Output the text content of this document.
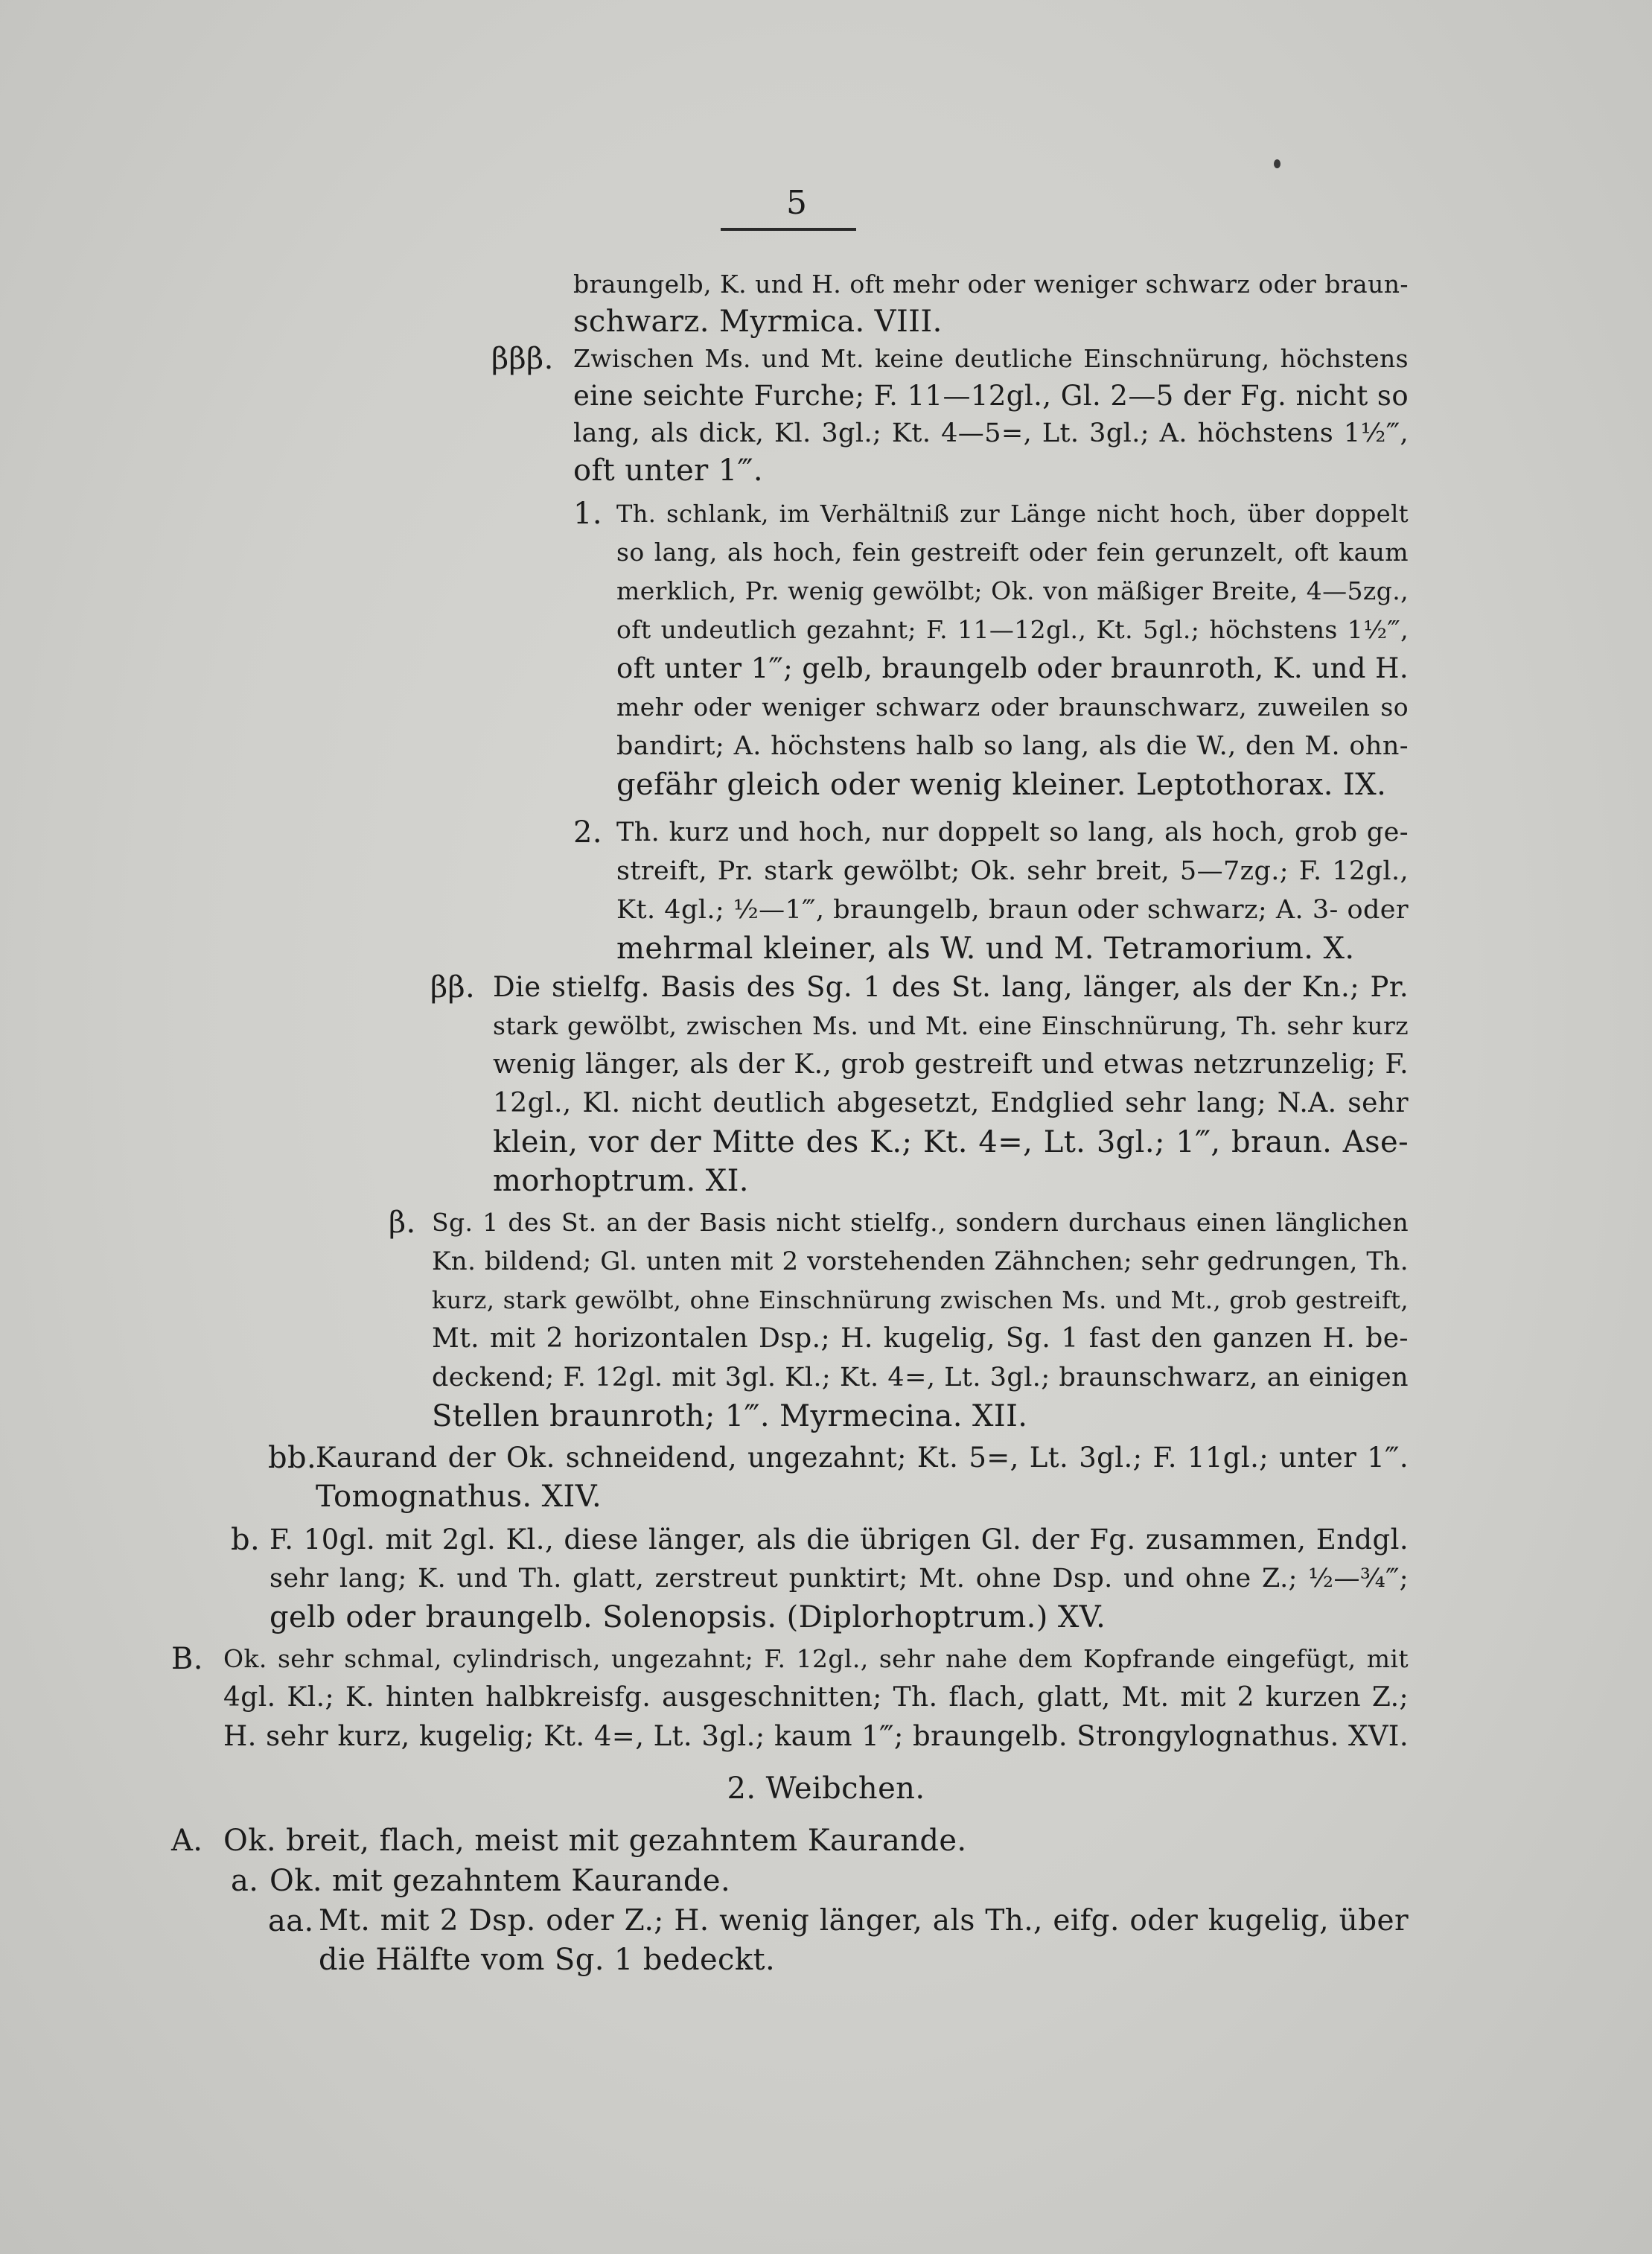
5
braungelb, K. und H. oft mehr oder weniger schwarz oder braun-
schwarz. Myrmica. VIII.
βββ. Zwischen Ms. und Mt. keine deutliche Einschnürung, höchstens
eine seichte Furche; F. 11—12gl., Gl. 2—5 der Fg. nicht so
lang, als dick, Kl. 3gl.; Kt. 4—5=, Lt. 3gl.; A. höchstens 1½‴,
oft unter 1‴.
1. Th. schlank, im Verhältniß zur Länge nicht hoch, über doppelt
so lang, als hoch, fein gestreift oder fein gerunzelt, oft kaum
merklich, Pr. wenig gewölbt; Ok. von mäßiger Breite, 4—5zg.,
oft undeutlich gezahnt; F. 11—12gl., Kt. 5gl.; höchstens 1½‴,
oft unter 1‴; gelb, braungelb oder braunroth, K. und H.
mehr oder weniger schwarz oder braunschwarz, zuweilen so
bandirt; A. höchstens halb so lang, als die W., den M. ohn-
gefähr gleich oder wenig kleiner. Leptothorax. IX.
2. Th. kurz und hoch, nur doppelt so lang, als hoch, grob ge-
streift, Pr. stark gewölbt; Ok. sehr breit, 5—7zg.; F. 12gl.,
Kt. 4gl.; ½—1‴, braungelb, braun oder schwarz; A. 3- oder
mehrmal kleiner, als W. und M. Tetramorium. X.
ββ. Die stielfg. Basis des Sg. 1 des St. lang, länger, als der Kn.; Pr.
stark gewölbt, zwischen Ms. und Mt. eine Einschnürung, Th. sehr kurz
wenig länger, als der K., grob gestreift und etwas netzrunzelig; F.
12gl., Kl. nicht deutlich abgesetzt, Endglied sehr lang; N.A. sehr
klein, vor der Mitte des K.; Kt. 4=, Lt. 3gl.; 1‴, braun. Ase-
morhoptrum. XI.
β. Sg. 1 des St. an der Basis nicht stielfg., sondern durchaus einen länglichen
Kn. bildend; Gl. unten mit 2 vorstehenden Zähnchen; sehr gedrungen, Th.
kurz, stark gewölbt, ohne Einschnürung zwischen Ms. und Mt., grob gestreift,
Mt. mit 2 horizontalen Dsp.; H. kugelig, Sg. 1 fast den ganzen H. be-
deckend; F. 12gl. mit 3gl. Kl.; Kt. 4=, Lt. 3gl.; braunschwarz, an einigen
Stellen braunroth; 1‴. Myrmecina. XII.
bb.
Kaurand der Ok. schneidend, ungezahnt; Kt. 5=, Lt. 3gl.; F. 11gl.; unter 1‴.
Tomognathus. XIV.
b. F. 10gl. mit 2gl. Kl., diese länger, als die übrigen Gl. der Fg. zusammen, Endgl.
sehr lang; K. und Th. glatt, zerstreut punktirt; Mt. ohne Dsp. und ohne Z.; ½—¾‴;
gelb oder braungelb. Solenopsis. (Diplorhoptrum.) XV.
B. Ok. sehr schmal, cylindrisch, ungezahnt; F. 12gl., sehr nahe dem Kopfrande eingefügt, mit
4gl. Kl.; K. hinten halbkreisfg. ausgeschnitten; Th. flach, glatt, Mt. mit 2 kurzen Z.;
H. sehr kurz, kugelig; Kt. 4=, Lt. 3gl.; kaum 1‴; braungelb. Strongylognathus. XVI.
2. Weibchen.
A. Ok. breit, flach, meist mit gezahntem Kaurande.
a. Ok. mit gezahntem Kaurande.
aa. Mt. mit 2 Dsp. oder Z.; H. wenig länger, als Th., eifg. oder kugelig, über
die Hälfte vom Sg. 1 bedeckt.
